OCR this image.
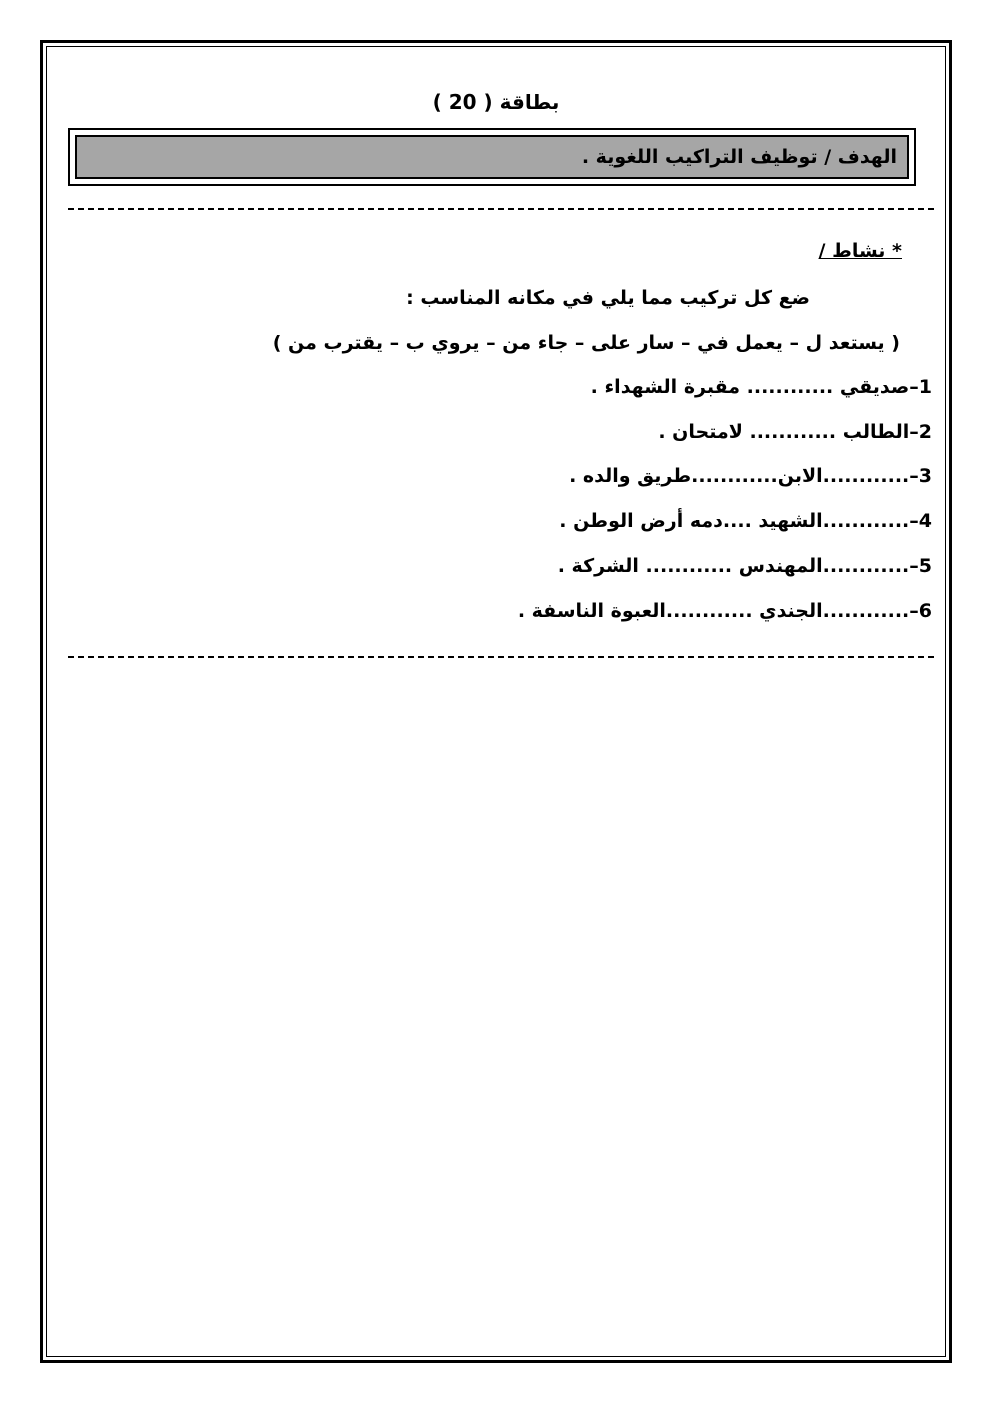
بطاقة ( 20 )
الهدف / توظيف التراكيب اللغوية .
* نشاط /
ضع كل تركيب مما يلي في مكانه المناسب :
( يستعد ل – يعمل في – سار على – جاء من – يروي ب – يقترب من )
1–صديقي ............ مقبرة الشهداء .
2–الطالب ............ لامتحان .
3–............الابن............طريق والده .
4–............الشهيد ....دمه أرض الوطن .
5–............المهندس ............ الشركة .
6–............الجندي ............العبوة الناسفة .
